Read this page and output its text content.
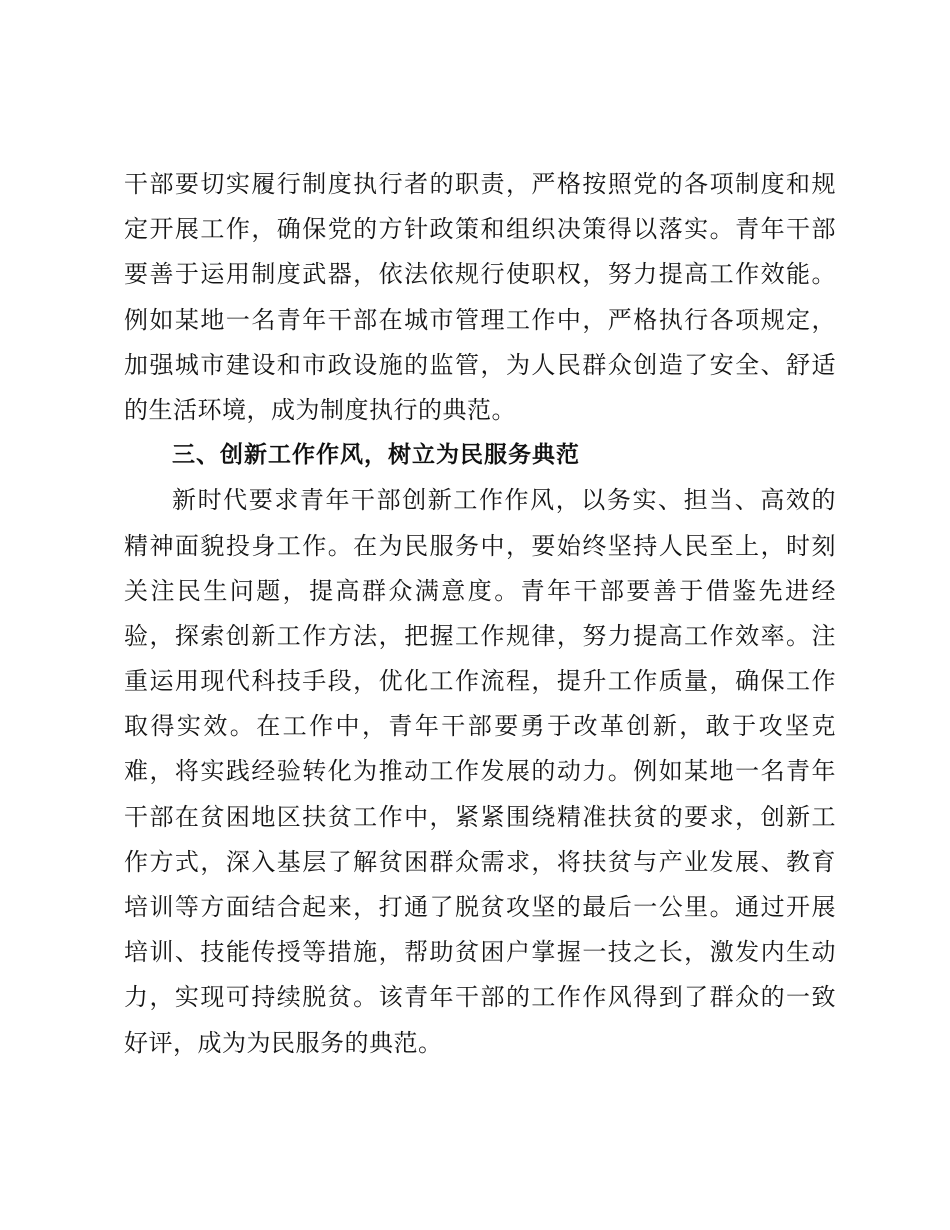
干部要切实履行制度执行者的职责，严格按照党的各项制度和规
定开展工作，确保党的方针政策和组织决策得以落实。青年干部
要善于运用制度武器，依法依规行使职权，努力提高工作效能。
例如某地一名青年干部在城市管理工作中，严格执行各项规定，
加强城市建设和市政设施的监管，为人民群众创造了安全、舒适
的生活环境，成为制度执行的典范。
三、创新工作作风，树立为民服务典范
新时代要求青年干部创新工作作风，以务实、担当、高效的
精神面貌投身工作。在为民服务中，要始终坚持人民至上，时刻
关注民生问题，提高群众满意度。青年干部要善于借鉴先进经
验，探索创新工作方法，把握工作规律，努力提高工作效率。注
重运用现代科技手段，优化工作流程，提升工作质量，确保工作
取得实效。在工作中，青年干部要勇于改革创新，敢于攻坚克
难，将实践经验转化为推动工作发展的动力。例如某地一名青年
干部在贫困地区扶贫工作中，紧紧围绕精准扶贫的要求，创新工
作方式，深入基层了解贫困群众需求，将扶贫与产业发展、教育
培训等方面结合起来，打通了脱贫攻坚的最后一公里。通过开展
培训、技能传授等措施，帮助贫困户掌握一技之长，激发内生动
力，实现可持续脱贫。该青年干部的工作作风得到了群众的一致
好评，成为为民服务的典范。
